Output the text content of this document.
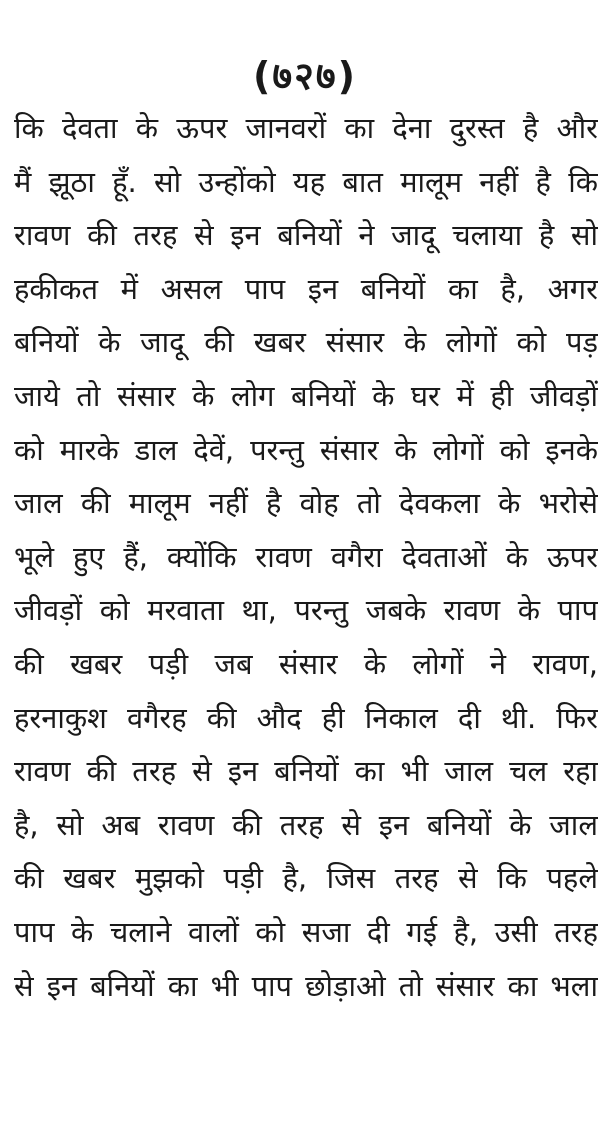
(७२७)
कि देवता के ऊपर जानवरों का देना दुरस्त है और
मैं झूठा हूँ. सो उन्होंको यह बात मालूम नहीं है कि
रावण की तरह से इन बनियों ने जादू चलाया है सो
हकीकत में असल पाप इन बनियों का है, अगर
बनियों के जादू की खबर संसार के लोगों को पड़
जाये तो संसार के लोग बनियों के घर में ही जीवड़ों
को मारके डाल देवें, परन्तु संसार के लोगों को इनके
जाल की मालूम नहीं है वोह तो देवकला के भरोसे
भूले हुए हैं, क्योंकि रावण वगैरा देवताओं के ऊपर
जीवड़ों को मरवाता था, परन्तु जबके रावण के पाप
की खबर पड़ी जब संसार के लोगों ने रावण,
हरनाकुश वगैरह की औद ही निकाल दी थी. फिर
रावण की तरह से इन बनियों का भी जाल चल रहा
है, सो अब रावण की तरह से इन बनियों के जाल
की खबर मुझको पड़ी है, जिस तरह से कि पहले
पाप के चलाने वालों को सजा दी गई है, उसी तरह
से इन बनियों का भी पाप छोड़ाओ तो संसार का भला
